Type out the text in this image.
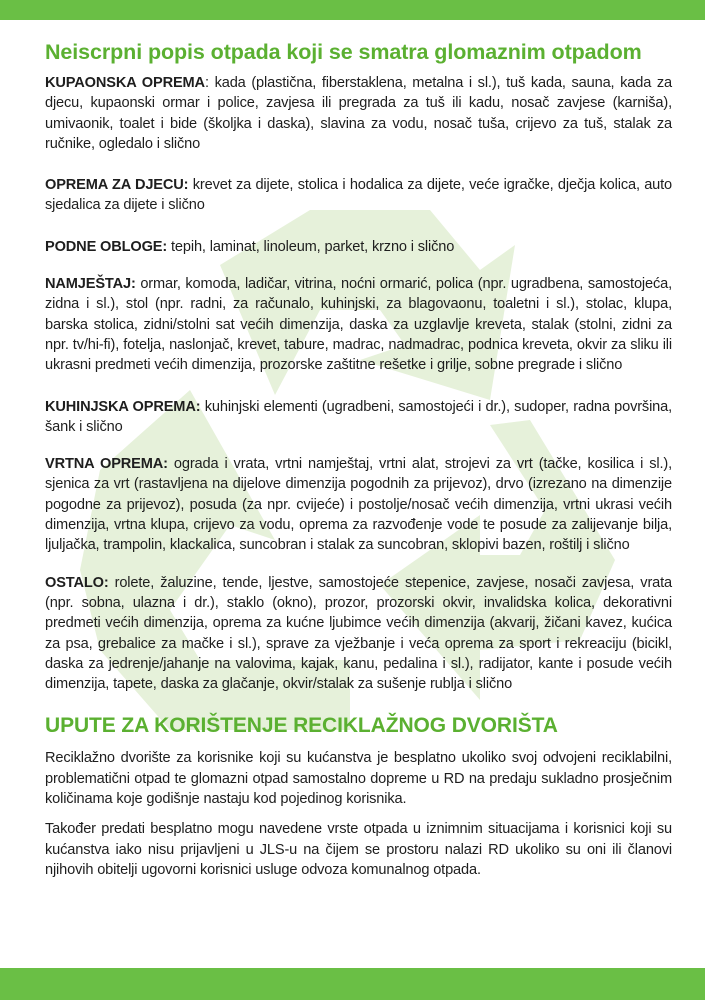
Neiscrpni popis otpada koji se smatra glomaznim otpadom

KUPAONSKA OPREMA: kada (plastična, fiberstaklena, metalna i sl.), tuš kada, sauna, kada za djecu, kupaonski ormar i police, zavjesa ili pregrada za tuš ili kadu, nosač zavjese (karniša), umivaonik, toalet i bide (školjka i daska), slavina za vodu, nosač tuša, crijevo za tuš, stalak za ručnike, ogledalo i slično

OPREMA ZA DJECU: krevet za dijete, stolica i hodalica za dijete, veće igračke, dječja kolica, auto sjedalica za dijete i slično

PODNE OBLOGE: tepih, laminat, linoleum, parket, krzno i slično

NAMJEŠTAJ: ormar, komoda, ladičar, vitrina, noćni ormarić, polica (npr. ugradbena, samostojeća, zidna i sl.), stol (npr. radni, za računalo, kuhinjski, za blagovaonu, toaletni i sl.), stolac, klupa, barska stolica, zidni/stolni sat većih dimenzija, daska za uzglavlje kreveta, stalak (stolni, zidni za npr. tv/hi-fi), fotelja, naslonjač, krevet, tabure, madrac, nadmadrac, podnica kreveta, okvir za sliku ili ukrasni predmeti većih dimenzija, prozorske zaštitne rešetke i grilje, sobne pregrade i slično

KUHINJSKA OPREMA: kuhinjski elementi (ugradbeni, samostojeći i dr.), sudoper, radna površina, šank i slično

VRTNA OPREMA: ograda i vrata, vrtni namještaj, vrtni alat, strojevi za vrt (tačke, kosilica i sl.), sjenica za vrt (rastavljena na dijelove dimenzija pogodnih za prijevoz), drvo (izrezano na dimenzije pogodne za prijevoz), posuda (za npr. cvijeće) i postolje/nosač većih dimenzija, vrtni ukrasi većih dimenzija, vrtna klupa, crijevo za vodu, oprema za razvođenje vode te posude za zalijevanje bilja, ljuljačka, trampolin, klackalica, suncobran i stalak za suncobran, sklopivi bazen, roštilj i slično

OSTALO: rolete, žaluzine, tende, ljestve, samostojeće stepenice, zavjese, nosači zavjesa, vrata (npr. sobna, ulazna i dr.), staklo (okno), prozor, prozorski okvir, invalidska kolica, dekorativni predmeti većih dimenzija, oprema za kućne ljubimce većih dimenzija (akvarij, žičani kavez, kućica za psa, grebalice za mačke i sl.), sprave za vježbanje i veća oprema za sport i rekreaciju (bicikl, daska za jedrenje/jahanje na valovima, kajak, kanu, pedalina i sl.), radijator, kante i posude većih dimenzija, tapete, daska za glačanje, okvir/stalak za sušenje rublja i slično

UPUTE ZA KORIŠTENJE RECIKLAŽNOG DVORIŠTA

Reciklažno dvorište za korisnike koji su kućanstva je besplatno ukoliko svoj odvojeni reciklabilni, problematični otpad te glomazni otpad samostalno dopreme u RD na predaju sukladno prosječnim količinama koje godišnje nastaju kod pojedinog korisnika.

Također predati besplatno mogu navedene vrste otpada u iznimnim situacijama i korisnici koji su kućanstva iako nisu prijavljeni u JLS-u na čijem se prostoru nalazi RD ukoliko su oni ili članovi njihovih obitelji ugovorni korisnici usluge odvoza komunalnog otpada.
